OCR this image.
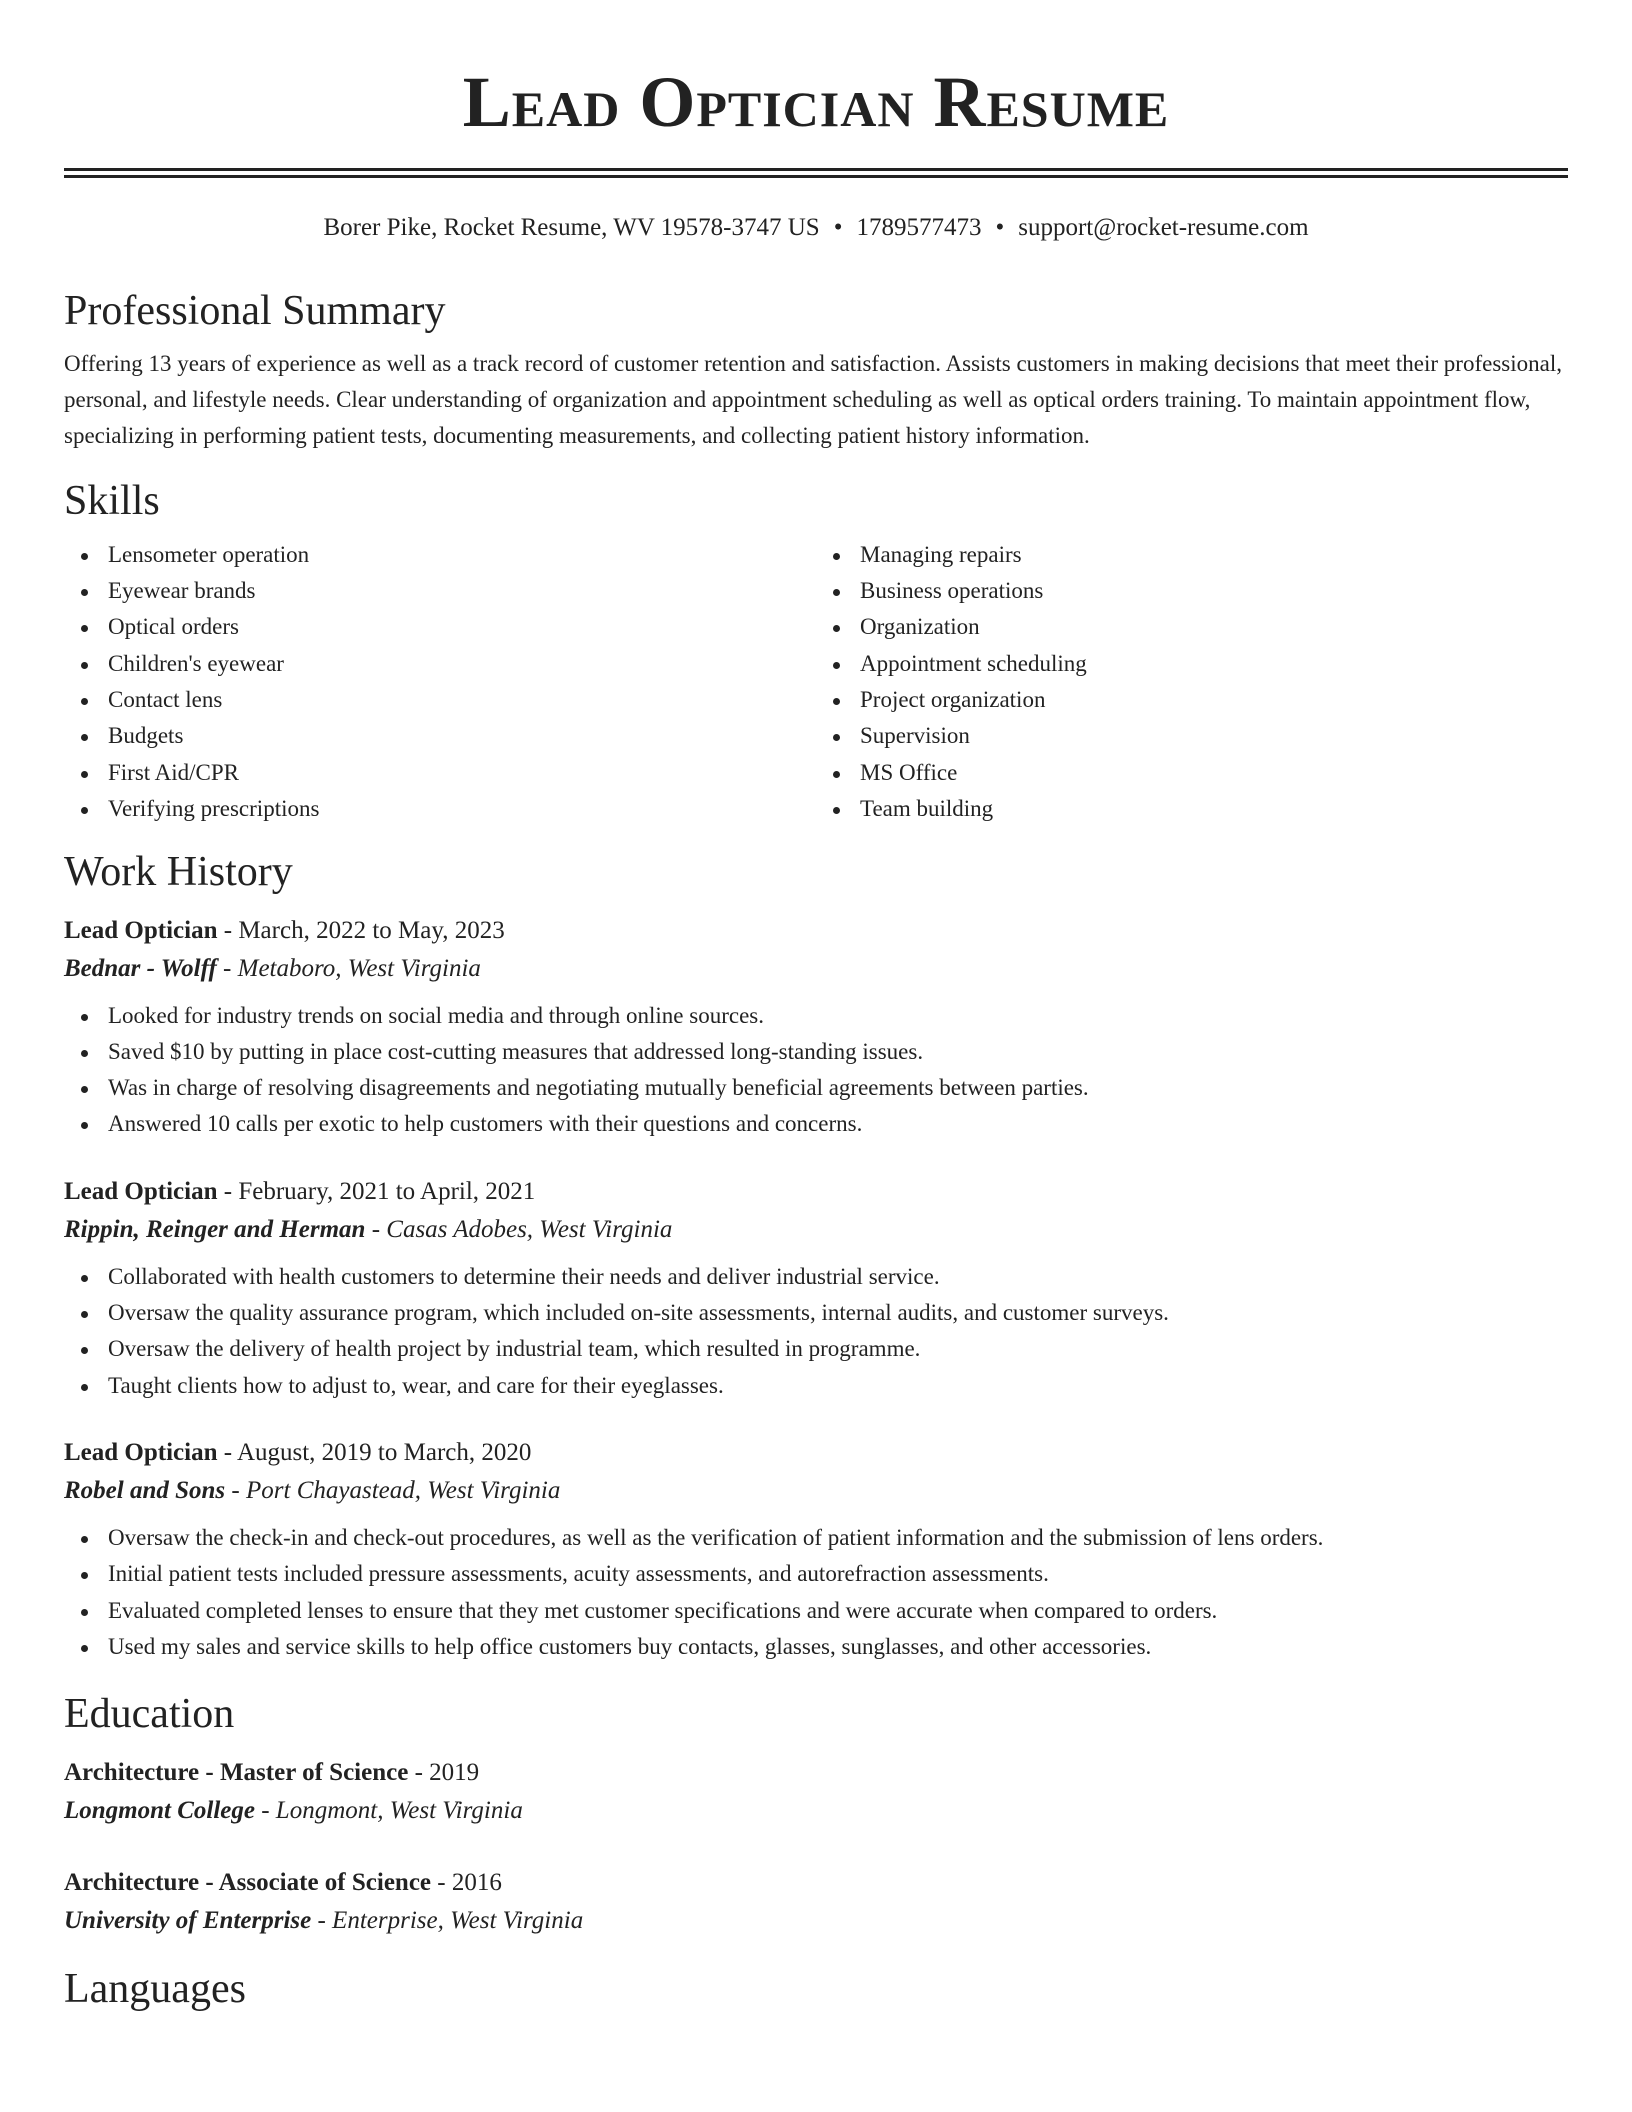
Lead Optician Resume
Borer Pike, Rocket Resume, WV 19578-3747 US • 1789577473 • support@rocket-resume.com
Professional Summary

Offering 13 years of experience as well as a track record of customer retention and satisfaction. Assists customers in making decisions that meet their professional, personal, and lifestyle needs. Clear understanding of organization and appointment scheduling as well as optical orders training. To maintain appointment flow, specializing in performing patient tests, documenting measurements, and collecting patient history information.

Skills
Lensometer operation
Eyewear brands
Optical orders
Children's eyewear
Contact lens
Budgets
First Aid/CPR
Verifying prescriptions
Managing repairs
Business operations
Organization
Appointment scheduling
Project organization
Supervision
MS Office
Team building
Work History
Lead Optician - March, 2022 to May, 2023
Bednar - Wolff - Metaboro, West Virginia
Looked for industry trends on social media and through online sources.
Saved $10 by putting in place cost-cutting measures that addressed long-standing issues.
Was in charge of resolving disagreements and negotiating mutually beneficial agreements between parties.
Answered 10 calls per exotic to help customers with their questions and concerns.
Lead Optician - February, 2021 to April, 2021
Rippin, Reinger and Herman - Casas Adobes, West Virginia
Collaborated with health customers to determine their needs and deliver industrial service.
Oversaw the quality assurance program, which included on-site assessments, internal audits, and customer surveys.
Oversaw the delivery of health project by industrial team, which resulted in programme.
Taught clients how to adjust to, wear, and care for their eyeglasses.
Lead Optician - August, 2019 to March, 2020
Robel and Sons - Port Chayastead, West Virginia
Oversaw the check-in and check-out procedures, as well as the verification of patient information and the submission of lens orders.
Initial patient tests included pressure assessments, acuity assessments, and autorefraction assessments.
Evaluated completed lenses to ensure that they met customer specifications and were accurate when compared to orders.
Used my sales and service skills to help office customers buy contacts, glasses, sunglasses, and other accessories.
Education
Architecture - Master of Science - 2019
Longmont College - Longmont, West Virginia
Architecture - Associate of Science - 2016
University of Enterprise - Enterprise, West Virginia
Languages
